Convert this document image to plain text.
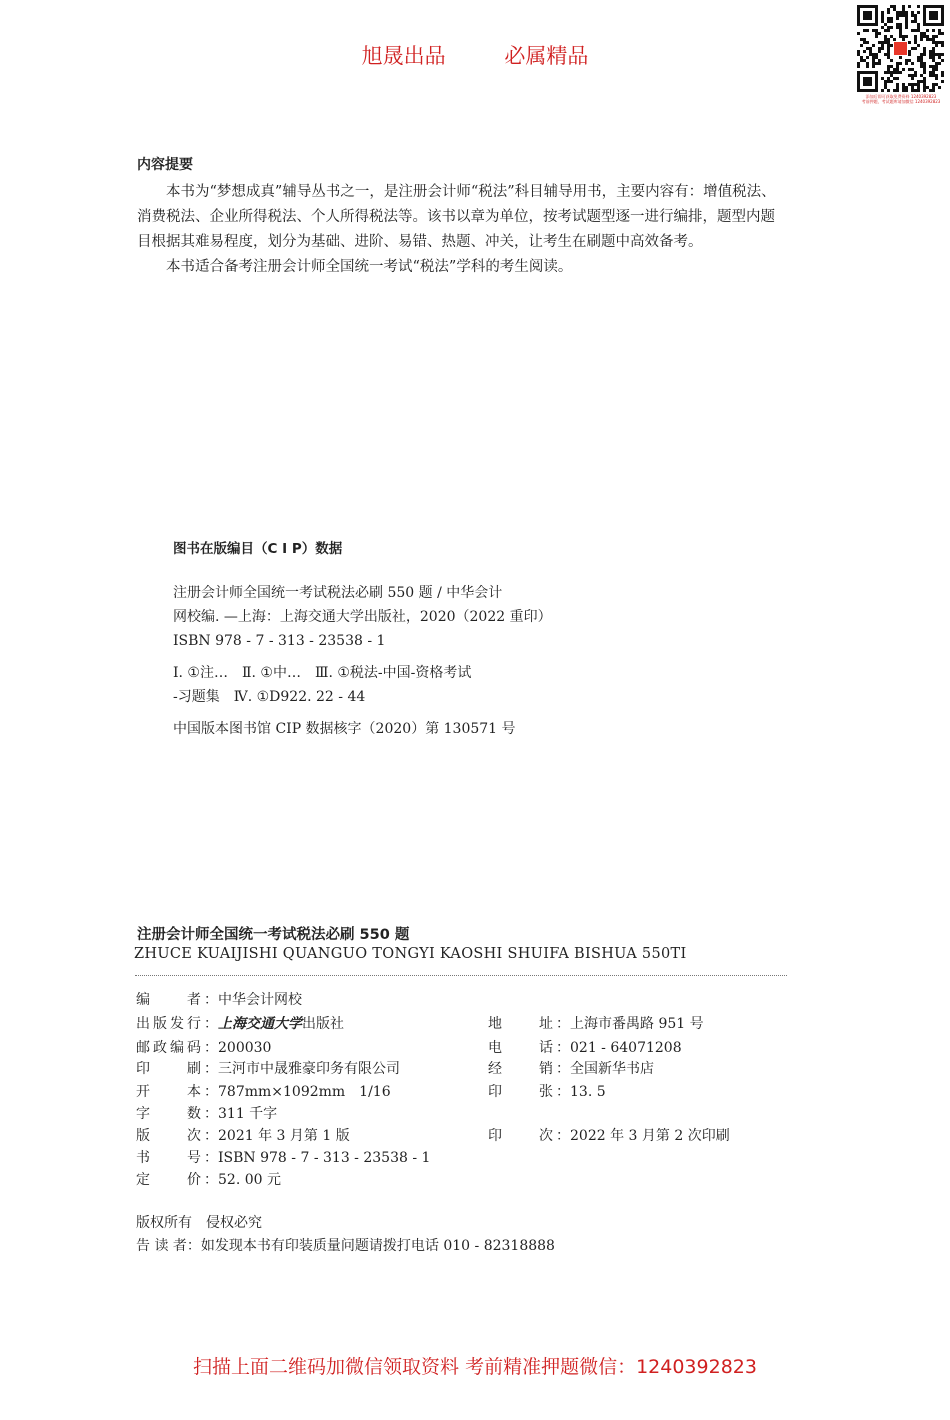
旭晟出品	必属精品
添加后即可获取免费资料 1240392823
考前押题，考试题库请加微信 1240392823
内容提要

本书为“梦想成真”辅导丛书之一，是注册会计师“税法”科目辅导用书，主要内容有：增值税法、消费税法、企业所得税法、个人所得税法等。该书以章为单位，按考试题型逐一进行编排，题型内题目根据其难易程度，划分为基础、进阶、易错、热题、冲关，让考生在刷题中高效备考。

本书适合备考注册会计师全国统一考试“税法”学科的考生阅读。

图书在版编目（C I P）数据
注册会计师全国统一考试税法必刷 550 题 / 中华会计
网校编. —上海：上海交通大学出版社，2020（2022 重印）
ISBN 978 - 7 - 313 - 23538 - 1
Ⅰ. ①注…　Ⅱ. ①中…　Ⅲ. ①税法-中国-资格考试
-习题集　Ⅳ. ①D922. 22 - 44
中国版本图书馆 CIP 数据核字（2020）第 130571 号
注册会计师全国统一考试税法必刷 550 题
ZHUCE KUAIJISHI QUANGUO TONGYI KAOSHI SHUIFA BISHUA 550TI
编　　者：中华会计网校
出版发行：上海交通大学出版社	地　　址：上海市番禺路 951 号
邮政编码：200030	电　　话：021 - 64071208
印　　刷：三河市中晟雅豪印务有限公司	经　　销：全国新华书店
开　　本：787mm×1092mm　1/16	印　　张：13. 5
字　　数：311 千字
版　　次：2021 年 3 月第 1 版	印　　次：2022 年 3 月第 2 次印刷
书　　号：ISBN 978 - 7 - 313 - 23538 - 1
定　　价：52. 00 元
版权所有　侵权必究
告 读 者：如发现本书有印装质量问题请拨打电话 010 - 82318888
扫描上面二维码加微信领取资料 考前精准押题微信：1240392823
